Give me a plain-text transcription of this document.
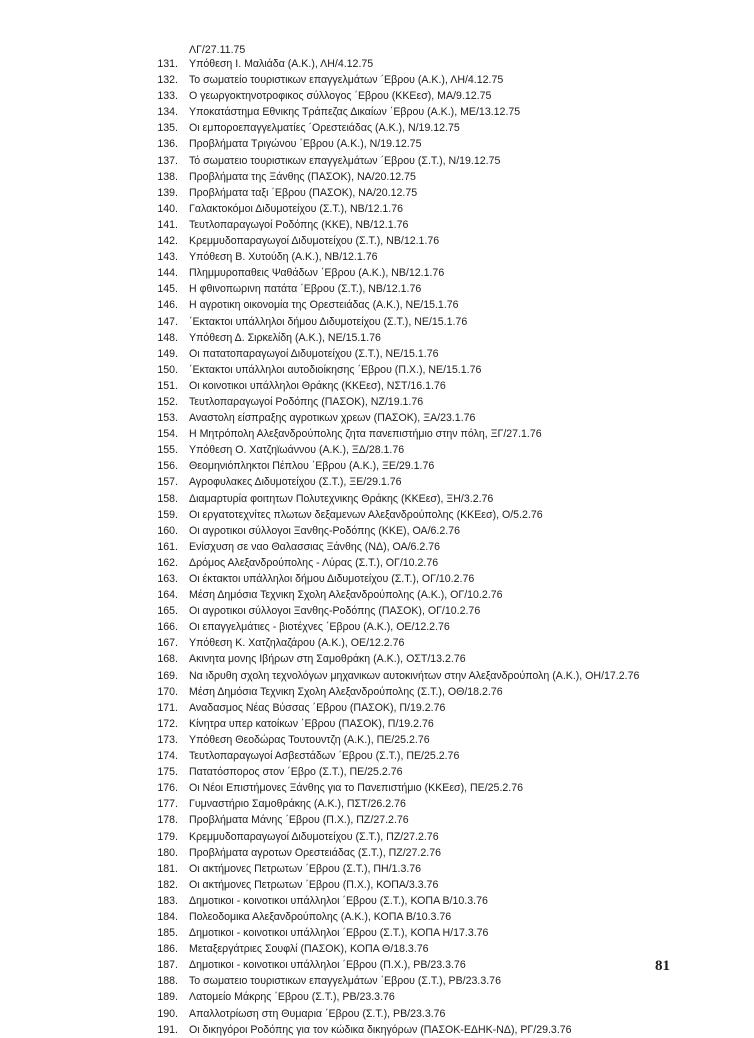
ΛΓ/27.11.75
131. Υπόθεση Ι. Μαλιάδα (Α.Κ.), ΛΗ/4.12.75
132. Το σωματείο τουριστικων επαγγελμάτων ΄Εβρου (Α.Κ.), ΛΗ/4.12.75
133. Ο γεωργοκτηνοτροφικος σύλλογος ΄Εβρου (ΚΚΕεσ), ΜΑ/9.12.75
134. Υποκατάστημα Εθνικης Τράπεζας Δικαίων ΄Εβρου (Α.Κ.), ΜΕ/13.12.75
135. Οι εμποροεπαγγελματίες ΄Ορεστειάδας (Α.Κ.), Ν/19.12.75
136. Προβλήματα Τριγώνου ΄Εβρου (Α.Κ.), Ν/19.12.75
137. Τό σωματειο τουριστικων επαγγελμάτων ΄Εβρου (Σ.Τ.), Ν/19.12.75
138. Προβλήματα της Ξάνθης (ΠΑΣΟΚ), ΝΑ/20.12.75
139. Προβλήματα ταξι ΄Εβρου (ΠΑΣΟΚ), ΝΑ/20.12.75
140. Γαλακτοκόμοι Διδυμοτείχου (Σ.Τ.), ΝΒ/12.1.76
141. Τευτλοπαραγωγοί Ροδόπης (ΚΚΕ), ΝΒ/12.1.76
142. Κρεμμυδοπαραγωγοί Διδυμοτείχου (Σ.Τ.), ΝΒ/12.1.76
143. Υπόθεση Β. Χυτούδη (Α.Κ.), ΝΒ/12.1.76
144. Πλημμυροπαθεις Ψαθάδων ΄Εβρου (Α.Κ.), ΝΒ/12.1.76
145. Η φθινοπωρινη πατάτα ΄Εβρου (Σ.Τ.), ΝΒ/12.1.76
146. Η αγροτικη οικονομία της Ορεστειάδας (Α.Κ.), ΝΕ/15.1.76
147. ΄Εκτακτοι υπάλληλοι δήμου Διδυμοτείχου (Σ.Τ.), ΝΕ/15.1.76
148. Υπόθεση Δ. Σιρκελίδη (Α.Κ.), ΝΕ/15.1.76
149. Οι πατατοπαραγωγοί Διδυμοτείχου (Σ.Τ.), ΝΕ/15.1.76
150. ΄Εκτακτοι υπάλληλοι αυτοδιοίκησης ΄Εβρου (Π.Χ.), ΝΕ/15.1.76
151. Οι κοινοτικοι υπάλληλοι Θράκης (ΚΚΕεσ), ΝΣΤ/16.1.76
152. Τευτλοπαραγωγοί Ροδόπης (ΠΑΣΟΚ), ΝΖ/19.1.76
153. Αναστολη είσπραξης αγροτικων χρεων (ΠΑΣΟΚ), ΞΑ/23.1.76
154. Η Μητρόπολη Αλεξανδρούπολης ζητα πανεπιστήμιο στην πόλη, ΞΓ/27.1.76
155. Υπόθεση Ο. Χατζηϊωάννου (Α.Κ.), ΞΔ/28.1.76
156. Θεομηνιόπληκτοι Πέπλου ΄Εβρου (Α.Κ.), ΞΕ/29.1.76
157. Αγροφυλακες Διδυμοτείχου (Σ.Τ.), ΞΕ/29.1.76
158. Διαμαρτυρία φοιτητων Πολυτεχνικης Θράκης (ΚΚΕεσ), ΞΗ/3.2.76
159. Οι εργατοτεχνίτες πλωτων δεξαμενων Αλεξανδρούπολης (ΚΚΕεσ), Ο/5.2.76
160. Οι αγροτικοι σύλλογοι Ξανθης-Ροδόπης (ΚΚΕ), ΟΑ/6.2.76
161. Ενίσχυση σε ναο Θαλασσιας Ξάνθης (ΝΔ), ΟΑ/6.2.76
162. Δρόμος Αλεξανδρούπολης - Λύρας (Σ.Τ.), ΟΓ/10.2.76
163. Οι έκτακτοι υπάλληλοι δήμου Διδυμοτείχου (Σ.Τ.), ΟΓ/10.2.76
164. Μέση Δημόσια Τεχνικη Σχολη Αλεξανδρούπολης (Α.Κ.), ΟΓ/10.2.76
165. Οι αγροτικοι σύλλογοι Ξανθης-Ροδόπης (ΠΑΣΟΚ), ΟΓ/10.2.76
166. Οι επαγγελμάτιες - βιοτέχνες ΄Εβρου (Α.Κ.), ΟΕ/12.2.76
167. Υπόθεση Κ. Χατζηλαζάρου (Α.Κ.), ΟΕ/12.2.76
168. Ακινητα μονης Ιβήρων στη Σαμοθράκη (Α.Κ.), ΟΣΤ/13.2.76
169. Να ιδρυθη σχολη τεχνολόγων μηχανικων αυτοκινήτων στην Αλεξανδρούπολη (Α.Κ.), ΟΗ/17.2.76
170. Μέση Δημόσια Τεχνικη Σχολη Αλεξανδρούπολης (Σ.Τ.), ΟΘ/18.2.76
171. Αναδασμος Νέας Βύσσας ΄Εβρου (ΠΑΣΟΚ), Π/19.2.76
172. Κίνητρα υπερ κατοίκων ΄Εβρου (ΠΑΣΟΚ), Π/19.2.76
173. Υπόθεση Θεοδώρας Τουτουντζη (Α.Κ.), ΠΕ/25.2.76
174. Τευτλοπαραγωγοί Ασβεστάδων ΄Εβρου (Σ.Τ.), ΠΕ/25.2.76
175. Πατατόσπορος στον ΄Εβρο (Σ.Τ.), ΠΕ/25.2.76
176. Οι Νέοι Επιστήμονες Ξάνθης για το Πανεπιστήμιο (ΚΚΕεσ), ΠΕ/25.2.76
177. Γυμναστήριο Σαμοθράκης (Α.Κ.), ΠΣΤ/26.2.76
178. Προβλήματα Μάνης ΄Εβρου (Π.Χ.), ΠΖ/27.2.76
179. Κρεμμυδοπαραγωγοί Διδυμοτείχου (Σ.Τ.), ΠΖ/27.2.76
180. Προβλήματα αγροτων Ορεστειάδας (Σ.Τ.), ΠΖ/27.2.76
181. Οι ακτήμονες Πετρωτων ΄Εβρου (Σ.Τ.), ΠΗ/1.3.76
182. Οι ακτήμονες Πετρωτων ΄Εβρου (Π.Χ.), ΚΟΠΑ/3.3.76
183. Δημοτικοι - κοινοτικοι υπάλληλοι ΄Εβρου (Σ.Τ.), ΚΟΠΑ Β/10.3.76
184. Πολεοδομικα Αλεξανδρούπολης (Α.Κ.), ΚΟΠΑ Β/10.3.76
185. Δημοτικοι - κοινοτικοι υπάλληλοι ΄Εβρου (Σ.Τ.), ΚΟΠΑ Η/17.3.76
186. Μεταξεργάτριες Σουφλί (ΠΑΣΟΚ), ΚΟΠΑ Θ/18.3.76
187. Δημοτικοι - κοινοτικοι υπάλληλοι ΄Εβρου (Π.Χ.), ΡΒ/23.3.76
188. Το σωματειο τουριστικων επαγγελμάτων ΄Εβρου (Σ.Τ.), ΡΒ/23.3.76
189. Λατομείο Μάκρης ΄Εβρου (Σ.Τ.), ΡΒ/23.3.76
190. Απαλλοτρίωση στη Θυμαρια ΄Εβρου (Σ.Τ.), ΡΒ/23.3.76
191. Οι δικηγόροι Ροδόπης για τον κώδικα δικηγόρων (ΠΑΣΟΚ-ΕΔΗΚ-ΝΔ), ΡΓ/29.3.76
81
